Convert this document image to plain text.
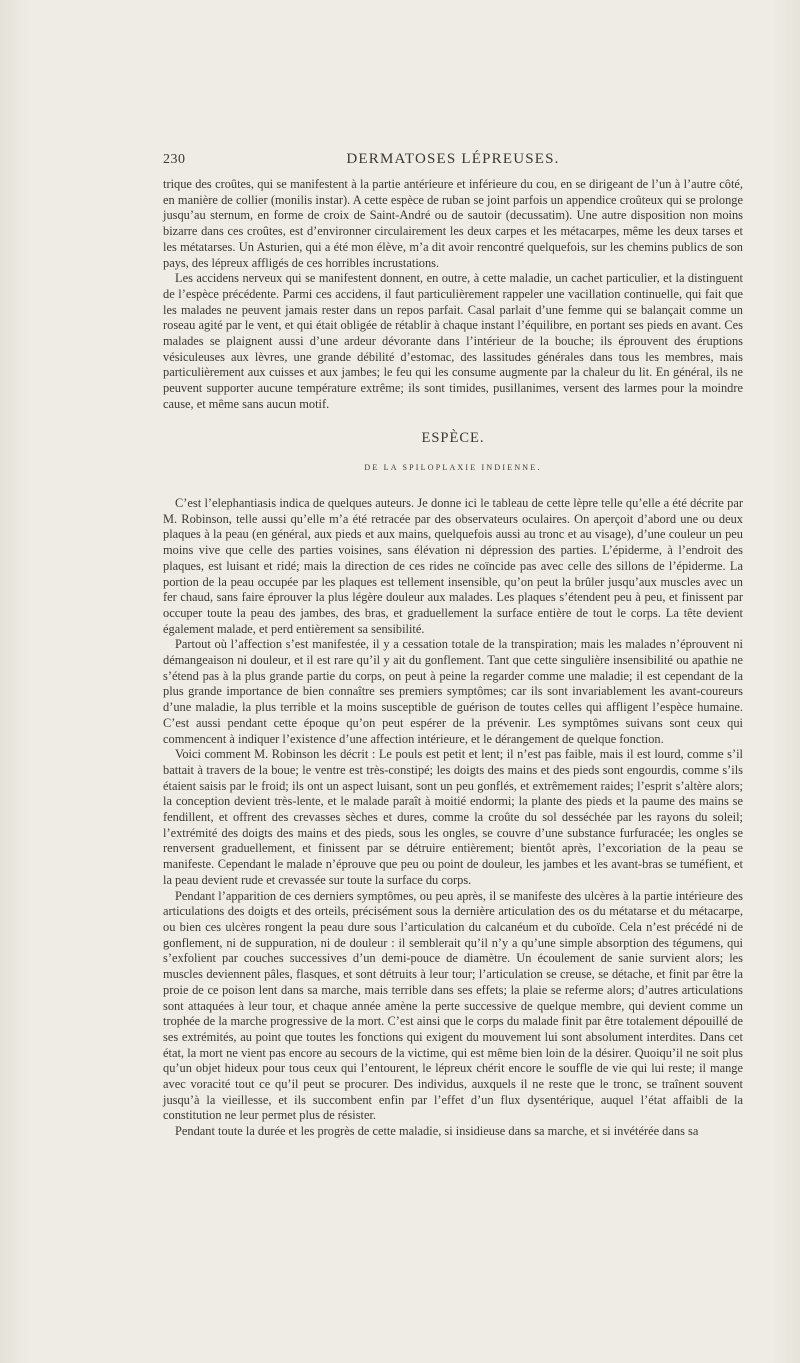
230	DERMATOSES LÉPREUSES.

trique des croûtes, qui se manifestent à la partie antérieure et inférieure du cou, en se dirigeant de l’un à l’autre côté, en manière de collier (monilis instar). A cette espèce de ruban se joint parfois un appendice croûteux qui se prolonge jusqu’au sternum, en forme de croix de Saint-André ou de sautoir (decussatim). Une autre disposition non moins bizarre dans ces croûtes, est d’environner circulairement les deux carpes et les métacarpes, même les deux tarses et les métatarses. Un Asturien, qui a été mon élève, m’a dit avoir rencontré quelquefois, sur les chemins publics de son pays, des lépreux affligés de ces horribles incrustations.

Les accidens nerveux qui se manifestent donnent, en outre, à cette maladie, un cachet particulier, et la distinguent de l’espèce précédente. Parmi ces accidens, il faut particulièrement rappeler une vacillation continuelle, qui fait que les malades ne peuvent jamais rester dans un repos parfait. Casal parlait d’une femme qui se balançait comme un roseau agité par le vent, et qui était obligée de rétablir à chaque instant l’équilibre, en portant ses pieds en avant. Ces malades se plaignent aussi d’une ardeur dévorante dans l’intérieur de la bouche; ils éprouvent des éruptions vésiculeuses aux lèvres, une grande débilité d’estomac, des lassitudes générales dans tous les membres, mais particulièrement aux cuisses et aux jambes; le feu qui les consume augmente par la chaleur du lit. En général, ils ne peuvent supporter aucune température extrême; ils sont timides, pusillanimes, versent des larmes pour la moindre cause, et même sans aucun motif.

ESPÈCE.
DE LA SPILOPLAXIE INDIENNE.

C’est l’elephantiasis indica de quelques auteurs. Je donne ici le tableau de cette lèpre telle qu’elle a été décrite par M. Robinson, telle aussi qu’elle m’a été retracée par des observateurs oculaires. On aperçoit d’abord une ou deux plaques à la peau (en général, aux pieds et aux mains, quelquefois aussi au tronc et au visage), d’une couleur un peu moins vive que celle des parties voisines, sans élévation ni dépression des parties. L’épiderme, à l’endroit des plaques, est luisant et ridé; mais la direction de ces rides ne coïncide pas avec celle des sillons de l’épiderme. La portion de la peau occupée par les plaques est tellement insensible, qu’on peut la brûler jusqu’aux muscles avec un fer chaud, sans faire éprouver la plus légère douleur aux malades. Les plaques s’étendent peu à peu, et finissent par occuper toute la peau des jambes, des bras, et graduellement la surface entière de tout le corps. La tête devient également malade, et perd entièrement sa sensibilité.

Partout où l’affection s’est manifestée, il y a cessation totale de la transpiration; mais les malades n’éprouvent ni démangeaison ni douleur, et il est rare qu’il y ait du gonflement. Tant que cette singulière insensibilité ou apathie ne s’étend pas à la plus grande partie du corps, on peut à peine la regarder comme une maladie; il est cependant de la plus grande importance de bien connaître ses premiers symptômes; car ils sont invariablement les avant-coureurs d’une maladie, la plus terrible et la moins susceptible de guérison de toutes celles qui affligent l’espèce humaine. C’est aussi pendant cette époque qu’on peut espérer de la prévenir. Les symptômes suivans sont ceux qui commencent à indiquer l’existence d’une affection intérieure, et le dérangement de quelque fonction.

Voici comment M. Robinson les décrit : Le pouls est petit et lent; il n’est pas faible, mais il est lourd, comme s’il battait à travers de la boue; le ventre est très-constipé; les doigts des mains et des pieds sont engourdis, comme s’ils étaient saisis par le froid; ils ont un aspect luisant, sont un peu gonflés, et extrêmement raides; l’esprit s’altère alors; la conception devient très-lente, et le malade paraît à moitié endormi; la plante des pieds et la paume des mains se fendillent, et offrent des crevasses sèches et dures, comme la croûte du sol desséchée par les rayons du soleil; l’extrémité des doigts des mains et des pieds, sous les ongles, se couvre d’une substance furfuracée; les ongles se renversent graduellement, et finissent par se détruire entièrement; bientôt après, l’excoriation de la peau se manifeste. Cependant le malade n’éprouve que peu ou point de douleur, les jambes et les avant-bras se tuméfient, et la peau devient rude et crevassée sur toute la surface du corps.

Pendant l’apparition de ces derniers symptômes, ou peu après, il se manifeste des ulcères à la partie intérieure des articulations des doigts et des orteils, précisément sous la dernière articulation des os du métatarse et du métacarpe, ou bien ces ulcères rongent la peau dure sous l’articulation du calcanéum et du cuboïde. Cela n’est précédé ni de gonflement, ni de suppuration, ni de douleur : il semblerait qu’il n’y a qu’une simple absorption des tégumens, qui s’exfolient par couches successives d’un demi-pouce de diamètre. Un écoulement de sanie survient alors; les muscles deviennent pâles, flasques, et sont détruits à leur tour; l’articulation se creuse, se détache, et finit par être la proie de ce poison lent dans sa marche, mais terrible dans ses effets; la plaie se referme alors; d’autres articulations sont attaquées à leur tour, et chaque année amène la perte successive de quelque membre, qui devient comme un trophée de la marche progressive de la mort. C’est ainsi que le corps du malade finit par être totalement dépouillé de ses extrémités, au point que toutes les fonctions qui exigent du mouvement lui sont absolument interdites. Dans cet état, la mort ne vient pas encore au secours de la victime, qui est même bien loin de la désirer. Quoiqu’il ne soit plus qu’un objet hideux pour tous ceux qui l’entourent, le lépreux chérit encore le souffle de vie qui lui reste; il mange avec voracité tout ce qu’il peut se procurer. Des individus, auxquels il ne reste que le tronc, se traînent souvent jusqu’à la vieillesse, et ils succombent enfin par l’effet d’un flux dysentérique, auquel l’état affaibli de la constitution ne leur permet plus de résister.

Pendant toute la durée et les progrès de cette maladie, si insidieuse dans sa marche, et si invétérée dans sa
